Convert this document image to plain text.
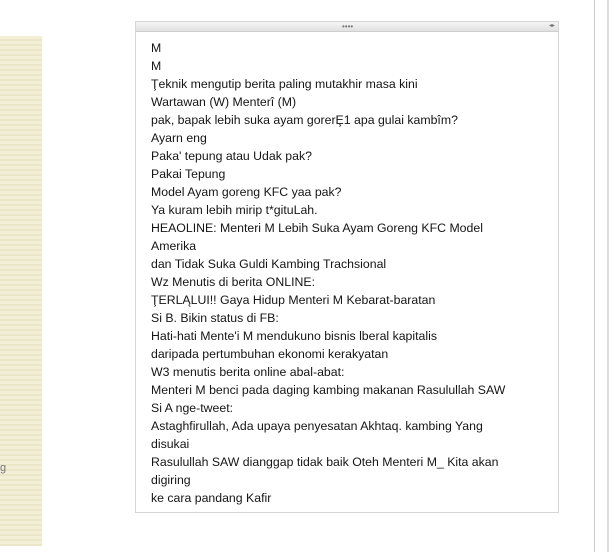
g
••••	◂▸
M
M
Ţeknik mengutip berita paling mutakhir masa kini
Wartawan (W) Menterî (M)
pak, bapak lebih suka ayam gorerȨ1 apa gulai kambîm?
Ayarn eng
Paka' tepung atau Udak pak?
Pakai Tepung
Model Ayam goreng KFC yaa pak?
Ya kuram lebih mirip t*gituLah.
HEAOLINE: Menteri M Lebih Suka Ayam Goreng KFC Model
Amerika
dan Tidak Suka Guldi Kambing Trachsional
Wz Menutis di berita ONLINE:
ŢERLĄLUI!! Gaya Hidup Menteri M Kebarat-baratan
Si B. Bikin status di FB:
Hati-hati Mente'i M mendukuno bisnis lberal kapitalis
daripada pertumbuhan ekonomi kerakyatan
W3 menutis berita online abal-abat:
Menteri M benci pada daging kambing makanan Rasulullah SAW
Si A nge-tweet:
Astaghfirullah, Ada upaya penyesatan Akhtaq. kambing Yang
disukai
Rasulullah SAW dianggap tidak baik Oteh Menteri M_ Kita akan
digiring
ke cara pandang Kafir
